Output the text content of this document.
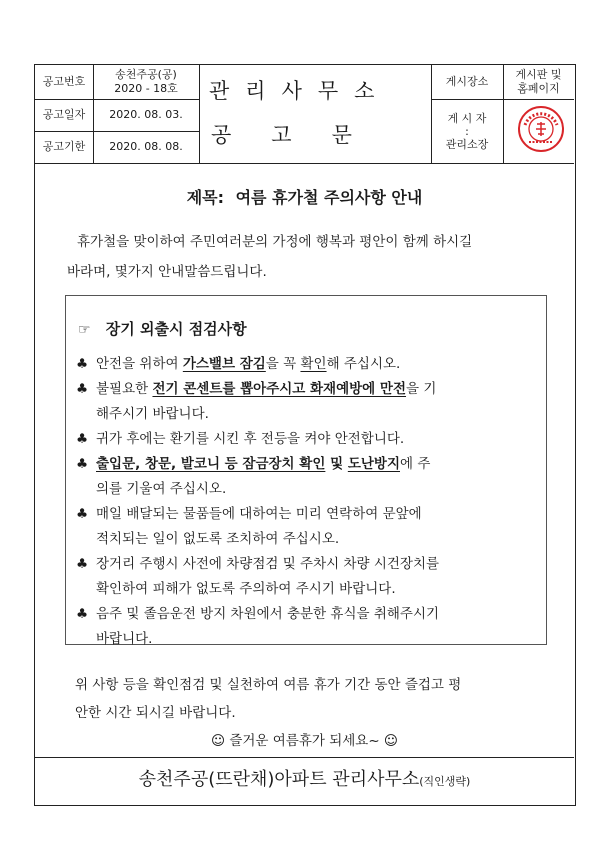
공고번호
송천주공(공)
2020 - 18호
공고일자	2020. 08. 03.
공고기한	2020. 08. 08.
관리사무소
공고문
게시장소
게시판 및
홈페이지
게 시 자
:
관리소장
제목: 여름 휴가철 주의사항 안내
휴가철을 맞이하여 주민여러분의 가정에 행복과 평안이 함께 하시길
바라며, 몇가지 안내말씀드립니다.
☞ 장기 외출시 점검사항
♣ 안전을 위하여 가스밸브 잠김을 꼭 확인해 주십시오.
♣ 불필요한 전기 콘센트를 뽑아주시고 화재예방에 만전을 기
해주시기 바랍니다.
♣ 귀가 후에는 환기를 시킨 후 전등을 켜야 안전합니다.
♣ 출입문, 창문, 발코니 등 잠금장치 확인 및 도난방지에 주
의를 기울여 주십시오.
♣ 매일 배달되는 물품들에 대하여는 미리 연락하여 문앞에
적치되는 일이 없도록 조치하여 주십시오.
♣ 장거리 주행시 사전에 차량점검 및 주차시 차량 시건장치를
확인하여 피해가 없도록 주의하여 주시기 바랍니다.
♣ 음주 및 졸음운전 방지 차원에서 충분한 휴식을 취해주시기
바랍니다.
위 사항 등을 확인점검 및 실천하여 여름 휴가 기간 동안 즐겁고 평
안한 시간 되시길 바랍니다.
☺ 즐거운 여름휴가 되세요~ ☺
송천주공(뜨란채)아파트 관리사무소(직인생략)
